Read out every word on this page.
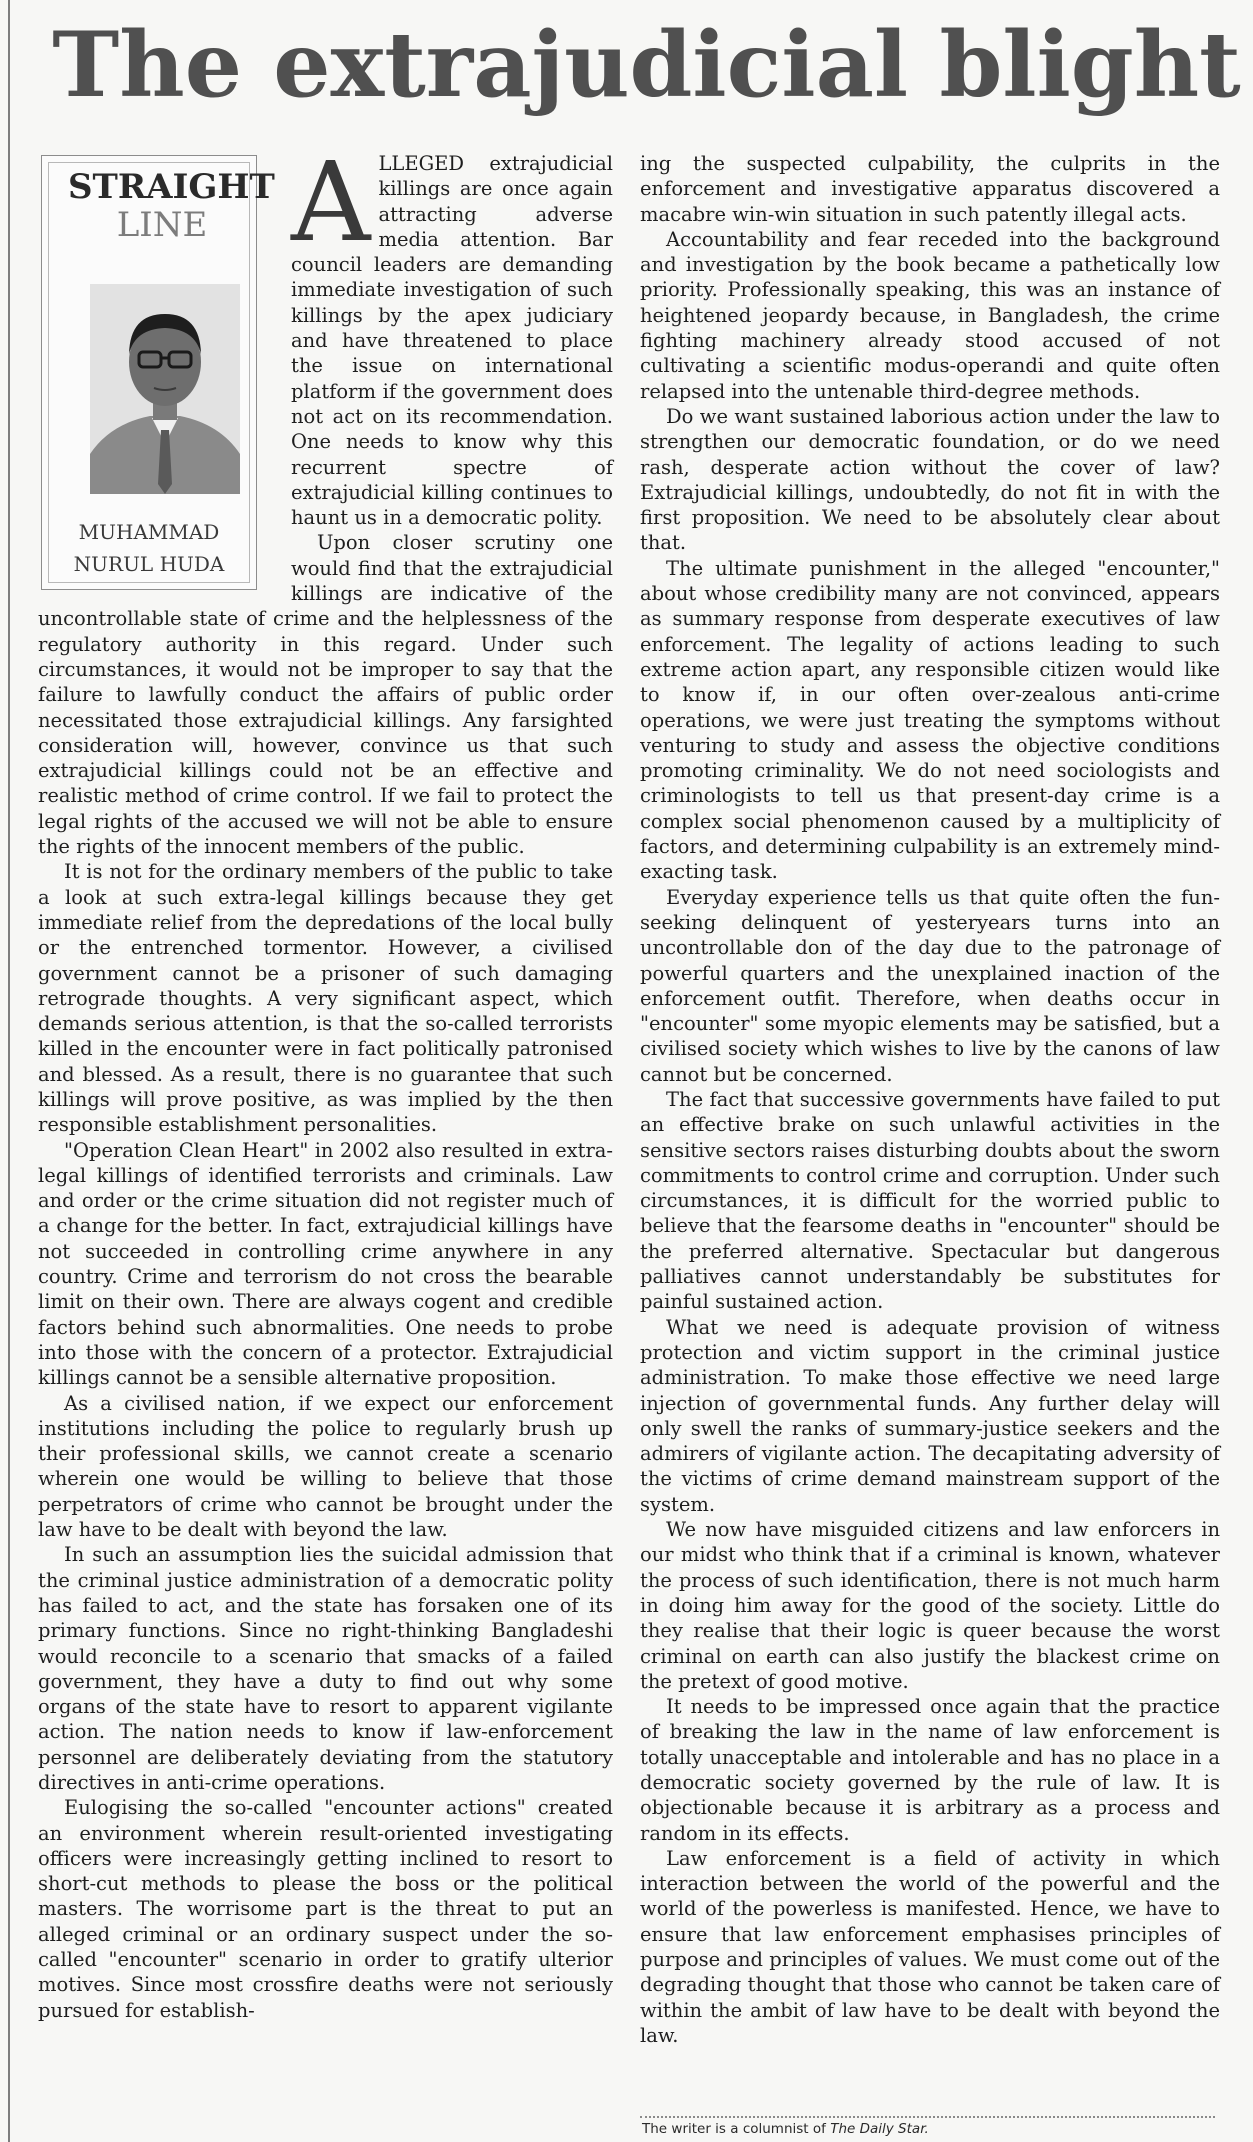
The extrajudicial blight

STRAIGHT

LINE

MUHAMMAD
NURUL HUDA
A LLEGED extrajudicial killings are once again attracting adverse media attention. Bar council leaders are demanding immediate investigation of such killings by the apex judiciary and have threatened to place the issue on international platform if the government does not act on its recommendation. One needs to know why this recurrent spectre of extrajudicial killing continues to haunt us in a democratic polity.

Upon closer scrutiny one would find that the extrajudicial killings are indicative of the uncontrollable state of crime and the helplessness of the regulatory authority in this regard. Under such circumstances, it would not be improper to say that the failure to lawfully conduct the affairs of public order necessitated those extrajudicial killings. Any farsighted consideration will, however, convince us that such extrajudicial killings could not be an effective and realistic method of crime control. If we fail to protect the legal rights of the accused we will not be able to ensure the rights of the innocent members of the public.

It is not for the ordinary members of the public to take a look at such extra-legal killings because they get immediate relief from the depredations of the local bully or the entrenched tormentor. However, a civilised government cannot be a prisoner of such damaging retrograde thoughts. A very significant aspect, which demands serious attention, is that the so-called terrorists killed in the encounter were in fact politically patronised and blessed. As a result, there is no guarantee that such killings will prove positive, as was implied by the then responsible establishment personalities.

"Operation Clean Heart" in 2002 also resulted in extra-legal killings of identified terrorists and criminals. Law and order or the crime situation did not register much of a change for the better. In fact, extrajudicial killings have not succeeded in controlling crime anywhere in any country. Crime and terrorism do not cross the bearable limit on their own. There are always cogent and credible factors behind such abnormalities. One needs to probe into those with the concern of a protector. Extrajudicial killings cannot be a sensible alternative proposition.

As a civilised nation, if we expect our enforcement institutions including the police to regularly brush up their professional skills, we cannot create a scenario wherein one would be willing to believe that those perpetrators of crime who cannot be brought under the law have to be dealt with beyond the law.

In such an assumption lies the suicidal admission that the criminal justice administration of a democratic polity has failed to act, and the state has forsaken one of its primary functions. Since no right-thinking Bangladeshi would reconcile to a scenario that smacks of a failed government, they have a duty to find out why some organs of the state have to resort to apparent vigilante action. The nation needs to know if law-enforcement personnel are deliberately deviating from the statutory directives in anti-crime operations.

Eulogising the so-called "encounter actions" created an environment wherein result-oriented investigating officers were increasingly getting inclined to resort to short-cut methods to please the boss or the political masters. The worrisome part is the threat to put an alleged criminal or an ordinary suspect under the so-called "encounter" scenario in order to gratify ulterior motives. Since most crossfire deaths were not seriously pursued for establish-

ing the suspected culpability, the culprits in the enforcement and investigative apparatus discovered a macabre win-win situation in such patently illegal acts.

Accountability and fear receded into the background and investigation by the book became a pathetically low priority. Professionally speaking, this was an instance of heightened jeopardy because, in Bangladesh, the crime fighting machinery already stood accused of not cultivating a scientific modus-operandi and quite often relapsed into the untenable third-degree methods.

Do we want sustained laborious action under the law to strengthen our democratic foundation, or do we need rash, desperate action without the cover of law? Extrajudicial killings, undoubtedly, do not fit in with the first proposition. We need to be absolutely clear about that.

The ultimate punishment in the alleged "encounter," about whose credibility many are not convinced, appears as summary response from desperate executives of law enforcement. The legality of actions leading to such extreme action apart, any responsible citizen would like to know if, in our often over-zealous anti-crime operations, we were just treating the symptoms without venturing to study and assess the objective conditions promoting criminality. We do not need sociologists and criminologists to tell us that present-day crime is a complex social phenomenon caused by a multiplicity of factors, and determining culpability is an extremely mind-exacting task.

Everyday experience tells us that quite often the fun-seeking delinquent of yesteryears turns into an uncontrollable don of the day due to the patronage of powerful quarters and the unexplained inaction of the enforcement outfit. Therefore, when deaths occur in "encounter" some myopic elements may be satisfied, but a civilised society which wishes to live by the canons of law cannot but be concerned.

The fact that successive governments have failed to put an effective brake on such unlawful activities in the sensitive sectors raises disturbing doubts about the sworn commitments to control crime and corruption. Under such circumstances, it is difficult for the worried public to believe that the fearsome deaths in "encounter" should be the preferred alternative. Spectacular but dangerous palliatives cannot understandably be substitutes for painful sustained action.

What we need is adequate provision of witness protection and victim support in the criminal justice administration. To make those effective we need large injection of governmental funds. Any further delay will only swell the ranks of summary-justice seekers and the admirers of vigilante action. The decapitating adversity of the victims of crime demand mainstream support of the system.

We now have misguided citizens and law enforcers in our midst who think that if a criminal is known, whatever the process of such identification, there is not much harm in doing him away for the good of the society. Little do they realise that their logic is queer because the worst criminal on earth can also justify the blackest crime on the pretext of good motive.

It needs to be impressed once again that the practice of breaking the law in the name of law enforcement is totally unacceptable and intolerable and has no place in a democratic society governed by the rule of law. It is objectionable because it is arbitrary as a process and random in its effects.

Law enforcement is a field of activity in which interaction between the world of the powerful and the world of the powerless is manifested. Hence, we have to ensure that law enforcement emphasises principles of purpose and principles of values. We must come out of the degrading thought that those who cannot be taken care of within the ambit of law have to be dealt with beyond the law.

The writer is a columnist of The Daily Star.
